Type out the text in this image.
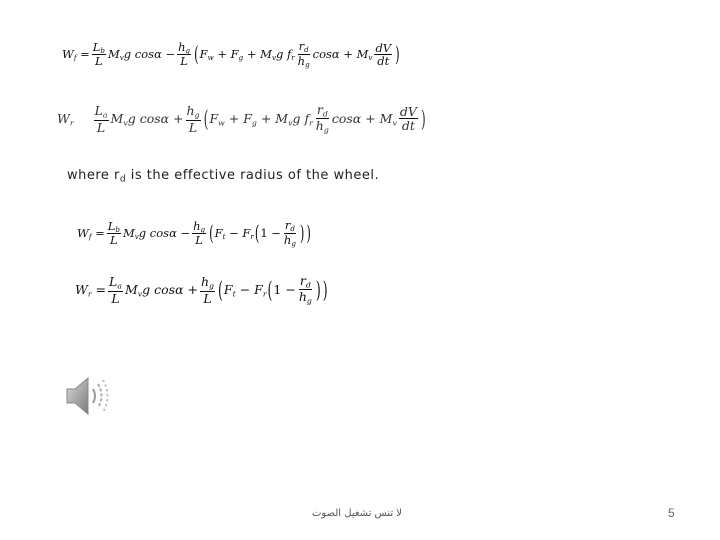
$W_f = \frac{L_b}{L} M_vg$ $\cos\alpha - \frac{h_g}{L}$ ( $F_w + F_g + M_vg$ $f_r \frac{r_d}{h_g}$ $\cos\alpha + M_v \frac{dV}{dt}$ )
$W_r \frac{L_a}{L} M_vg$ $\cos\alpha + \frac{h_g}{L}$ ( $F_w + F_g + M_vg$ $f_r \frac{r_d}{h_g}$ $\cos\alpha + M_v \frac{dV}{dt}$ )
where $r_d$ is the effective radius of the wheel.
$W_f = \frac{L_b}{L} M_vg$ $\cos\alpha - \frac{h_g}{L}$ ( $F_t - F_r$ ( $1 - \frac{r_d}{h_g}$ ) )
$W_r = \frac{L_a}{L} M_vg$ $\cos\alpha + \frac{h_g}{L}$ ( $F_t - F_r$ ( $1 - \frac{r_d}{h_g}$ ) )
لا تنس تشغيل الصوت	5
